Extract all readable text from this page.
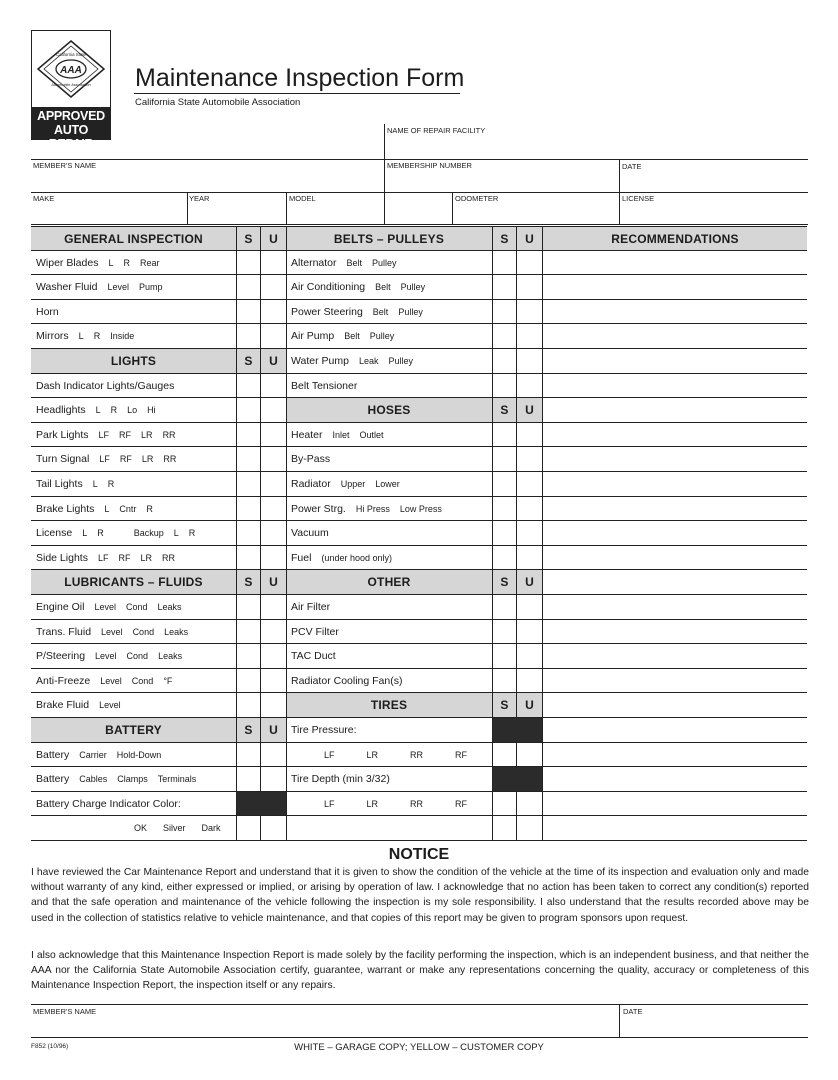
AAA
California State
Automobile Association
APPROVED
AUTO REPAIR
Maintenance Inspection Form
California State Automobile Association
NAME OF REPAIR FACILITY
MEMBER'S NAME	MEMBERSHIP NUMBER	DATE
MAKE	YEAR	MODEL	ODOMETER	LICENSE
GENERAL INSPECTION	S	U	BELTS – PULLEYS	S	U	RECOMMENDATIONS
Wiper Blades L R Rear	Alternator Belt Pulley
Washer Fluid Level Pump	Air Conditioning Belt Pulley
Horn	Power Steering Belt Pulley
Mirrors L R Inside	Air Pump Belt Pulley
LIGHTS	S	U	Water Pump Leak Pulley
Dash Indicator Lights/Gauges	Belt Tensioner
Headlights L R Lo Hi	HOSES	S	U
Park Lights LF RF LR RR	Heater Inlet Outlet
Turn Signal LF RF LR RR	By-Pass
Tail Lights L R	Radiator Upper Lower
Brake Lights L Cntr R	Power Strg. Hi Press Low Press
License L R	Backup L R	Vacuum
Side Lights LF RF LR RR	Fuel (under hood only)
LUBRICANTS – FLUIDS	S	U	OTHER	S	U
Engine Oil Level Cond Leaks	Air Filter
Trans. Fluid Level Cond Leaks	PCV Filter
P/Steering Level Cond Leaks	TAC Duct
Anti-Freeze Level Cond °F	Radiator Cooling Fan(s)
Brake Fluid Level	TIRES	S	U
BATTERY	S	U	Tire Pressure:
Battery Carrier Hold-Down	LF	LR	RR	RF
Battery Cables Clamps Terminals	Tire Depth (min 3/32)
Battery Charge Indicator Color:	LF	LR	RR	RF
OK Silver Dark
NOTICE
I have reviewed the Car Maintenance Report and understand that it is given to show the condition of the vehicle at the time of its inspection and evaluation only and made without warranty of any kind, either expressed or implied, or arising by operation of law. I acknowledge that no action has been taken to correct any condition(s) reported and that the safe operation and maintenance of the vehicle following the inspection is my sole responsibility. I also understand that the results recorded above may be used in the collection of statistics relative to vehicle maintenance, and that copies of this report may be given to program sponsors upon request.
I also acknowledge that this Maintenance Inspection Report is made solely by the facility performing the inspection, which is an independent business, and that neither the AAA nor the California State Automobile Association certify, guarantee, warrant or make any representations concerning the quality, accuracy or completeness of this Maintenance Inspection Report, the inspection itself or any repairs.
MEMBER'S NAME	DATE
F852 (10/96)	WHITE – GARAGE COPY; YELLOW – CUSTOMER COPY
